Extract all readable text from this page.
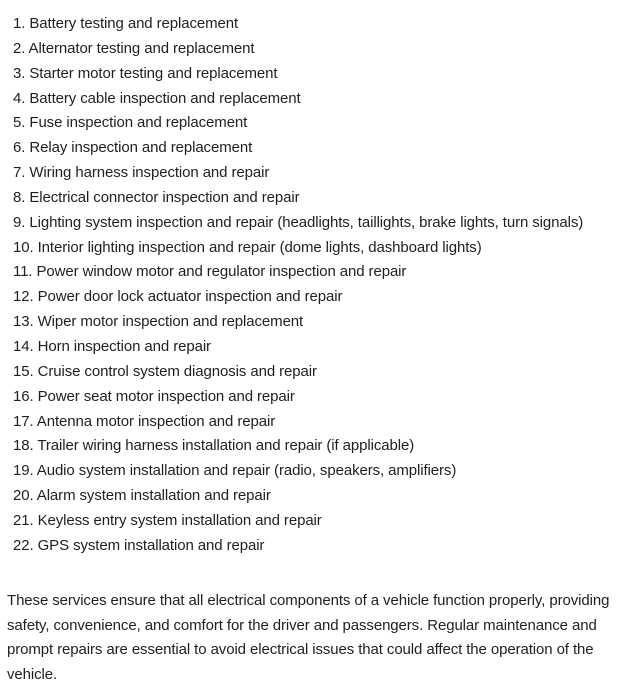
1. Battery testing and replacement
2. Alternator testing and replacement
3. Starter motor testing and replacement
4. Battery cable inspection and replacement
5. Fuse inspection and replacement
6. Relay inspection and replacement
7. Wiring harness inspection and repair
8. Electrical connector inspection and repair
9. Lighting system inspection and repair (headlights, taillights, brake lights, turn signals)
10. Interior lighting inspection and repair (dome lights, dashboard lights)
11. Power window motor and regulator inspection and repair
12. Power door lock actuator inspection and repair
13. Wiper motor inspection and replacement
14. Horn inspection and repair
15. Cruise control system diagnosis and repair
16. Power seat motor inspection and repair
17. Antenna motor inspection and repair
18. Trailer wiring harness installation and repair (if applicable)
19. Audio system installation and repair (radio, speakers, amplifiers)
20. Alarm system installation and repair
21. Keyless entry system installation and repair
22. GPS system installation and repair

These services ensure that all electrical components of a vehicle function properly, providing safety, convenience, and comfort for the driver and passengers. Regular maintenance and prompt repairs are essential to avoid electrical issues that could affect the operation of the vehicle.
